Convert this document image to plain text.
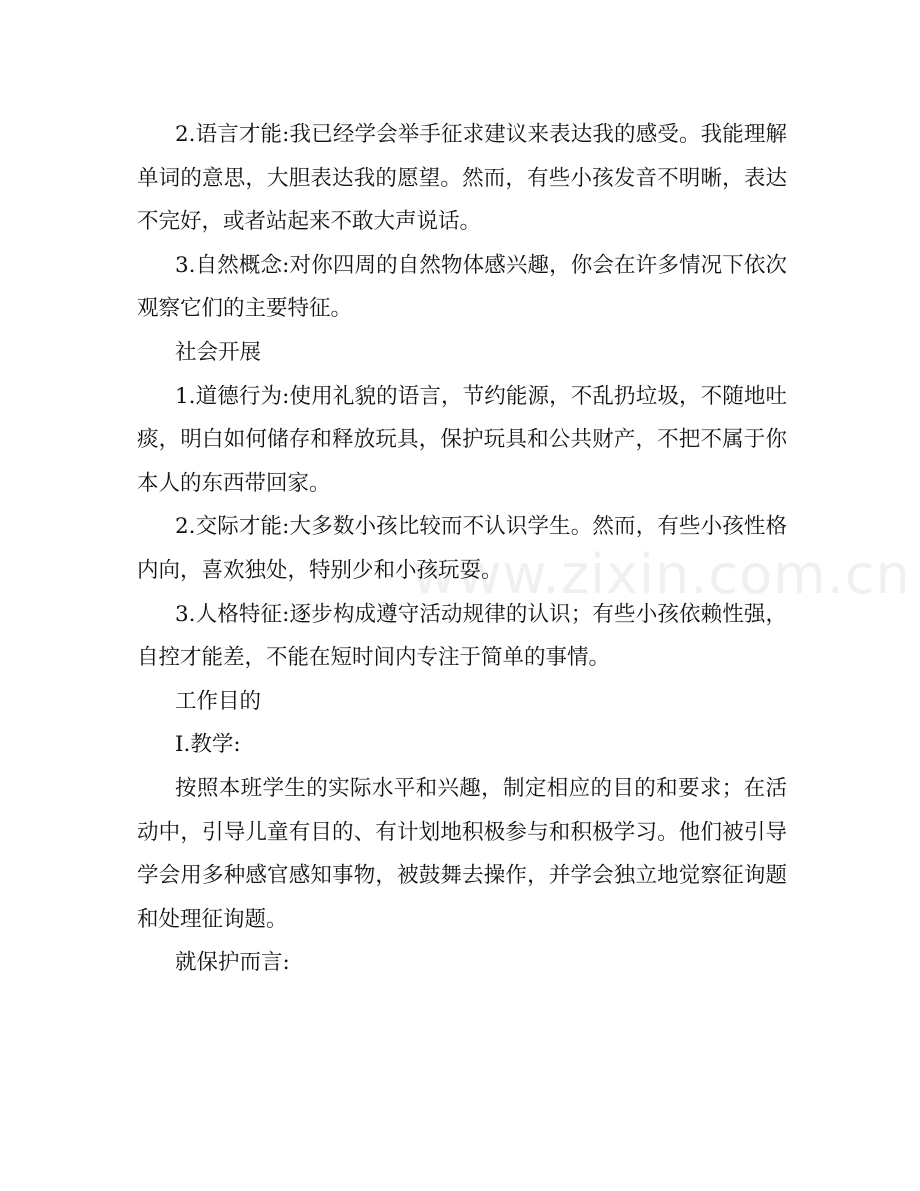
2.语言才能:我已经学会举手征求建议来表达我的感受。我能理解单词的意思，大胆表达我的愿望。然而，有些小孩发音不明晰，表达不完好，或者站起来不敢大声说话。

3.自然概念:对你四周的自然物体感兴趣，你会在许多情况下依次观察它们的主要特征。

社会开展

1.道德行为:使用礼貌的语言，节约能源，不乱扔垃圾，不随地吐痰，明白如何储存和释放玩具，保护玩具和公共财产，不把不属于你本人的东西带回家。

2.交际才能:大多数小孩比较而不认识学生。然而，有些小孩性格内向，喜欢独处，特别少和小孩玩耍。

3.人格特征:逐步构成遵守活动规律的认识；有些小孩依赖性强，自控才能差，不能在短时间内专注于简单的事情。

工作目的

Ⅰ.教学:

按照本班学生的实际水平和兴趣，制定相应的目的和要求；在活动中，引导儿童有目的、有计划地积极参与和积极学习。他们被引导学会用多种感官感知事物，被鼓舞去操作，并学会独立地觉察征询题和处理征询题。

就保护而言:

www.zixin.com.cn
